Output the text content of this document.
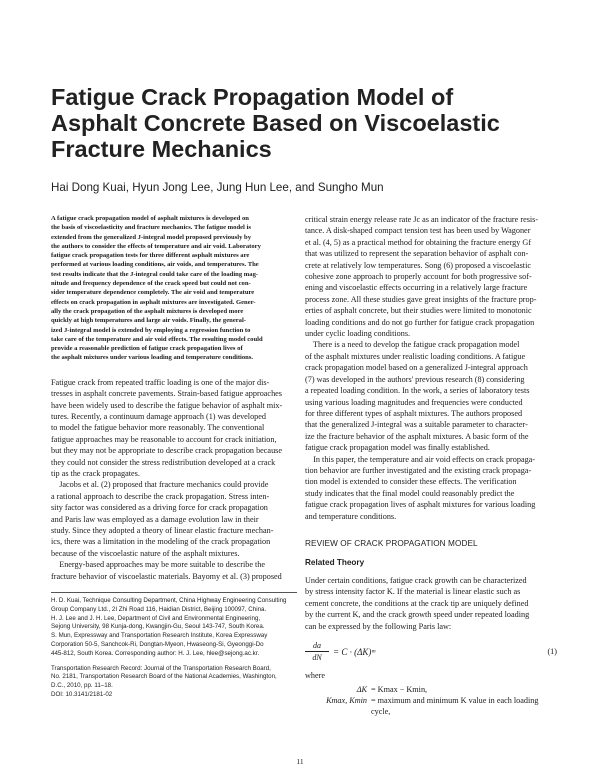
Fatigue Crack Propagation Model of
Asphalt Concrete Based on Viscoelastic
Fracture Mechanics
Hai Dong Kuai, Hyun Jong Lee, Jung Hun Lee, and Sungho Mun
A fatigue crack propagation model of asphalt mixtures is developed on
the basis of viscoelasticity and fracture mechanics. The fatigue model is
extended from the generalized J-integral model proposed previously by
the authors to consider the effects of temperature and air void. Laboratory
fatigue crack propagation tests for three different asphalt mixtures are
performed at various loading conditions, air voids, and temperatures. The
test results indicate that the J-integral could take care of the loading mag-
nitude and frequency dependence of the crack speed but could not con-
sider temperature dependence completely. The air void and temperature
effects on crack propagation in asphalt mixtures are investigated. Gener-
ally the crack propagation of the asphalt mixtures is developed more
quickly at high temperatures and large air voids. Finally, the general-
ized J-integral model is extended by employing a regression function to
take care of the temperature and air void effects. The resulting model could
provide a reasonable prediction of fatigue crack propagation lives of
the asphalt mixtures under various loading and temperature conditions.
Fatigue crack from repeated traffic loading is one of the major dis-
tresses in asphalt concrete pavements. Strain-based fatigue approaches
have been widely used to describe the fatigue behavior of asphalt mix-
tures. Recently, a continuum damage approach (1) was developed
to model the fatigue behavior more reasonably. The conventional
fatigue approaches may be reasonable to account for crack initiation,
but they may not be appropriate to describe crack propagation because
they could not consider the stress redistribution developed at a crack
tip as the crack propagates.
Jacobs et al. (2) proposed that fracture mechanics could provide
a rational approach to describe the crack propagation. Stress inten-
sity factor was considered as a driving force for crack propagation
and Paris law was employed as a damage evolution law in their
study. Since they adopted a theory of linear elastic fracture mechan-
ics, there was a limitation in the modeling of the crack propagation
because of the viscoelastic nature of the asphalt mixtures.
Energy-based approaches may be more suitable to describe the
fracture behavior of viscoelastic materials. Bayomy et al. (3) proposed
H. D. Kuai, Technique Consulting Department, China Highway Engineering Consulting
Group Company Ltd., 2I Zhi Road 116, Haidian District, Beijing 100097, China.
H. J. Lee and J. H. Lee, Department of Civil and Environmental Engineering,
Sejong University, 98 Kunja-dong, Kwangjin-Gu, Seoul 143-747, South Korea.
S. Mun, Expressway and Transportation Research Institute, Korea Expressway
Corporation 50-5, Sanchcok-Ri, Dongtan-Myeon, Hwaseong-Si, Gyeonggi-Do
445-812, South Korea. Corresponding author: H. J. Lee, hlee@sejong.ac.kr.
Transportation Research Record: Journal of the Transportation Research Board,
No. 2181, Transportation Research Board of the National Academies, Washington,
D.C., 2010, pp. 11–18.
DOI: 10.3141/2181-02
critical strain energy release rate Jc as an indicator of the fracture resis-
tance. A disk-shaped compact tension test has been used by Wagoner
et al. (4, 5) as a practical method for obtaining the fracture energy Gf
that was utilized to represent the separation behavior of asphalt con-
crete at relatively low temperatures. Song (6) proposed a viscoelastic
cohesive zone approach to properly account for both progressive sof-
ening and viscoelastic effects occurring in a relatively large fracture
process zone. All these studies gave great insights of the fracture prop-
erties of asphalt concrete, but their studies were limited to monotonic
loading conditions and do not go further for fatigue crack propagation
under cyclic loading conditions.
There is a need to develop the fatigue crack propagation model
of the asphalt mixtures under realistic loading conditions. A fatigue
crack propagation model based on a generalized J-integral approach
(7) was developed in the authors' previous research (8) considering
a repeated loading condition. In the work, a series of laboratory tests
using various loading magnitudes and frequencies were conducted
for three different types of asphalt mixtures. The authors proposed
that the generalized J-integral was a suitable parameter to character-
ize the fracture behavior of the asphalt mixtures. A basic form of the
fatigue crack propagation model was finally established.
In this paper, the temperature and air void effects on crack propaga-
tion behavior are further investigated and the existing crack propaga-
tion model is extended to consider these effects. The verification
study indicates that the final model could reasonably predict the
fatigue crack propagation lives of asphalt mixtures for various loading
and temperature conditions.
REVIEW OF CRACK PROPAGATION MODEL
Related Theory
Under certain conditions, fatigue crack growth can be characterized
by stress intensity factor K. If the material is linear elastic such as
cement concrete, the conditions at the crack tip are uniquely defined
by the current K, and the crack growth speed under repeated loading
can be expressed by the following Paris law:
$\frac{da}{dN} = C$ · (ΔK)ᵐ	(1)
where
ΔK = Kmax − Kmin,
Kmax, Kmin = maximum and minimum K value in each loading
cycle,
11
